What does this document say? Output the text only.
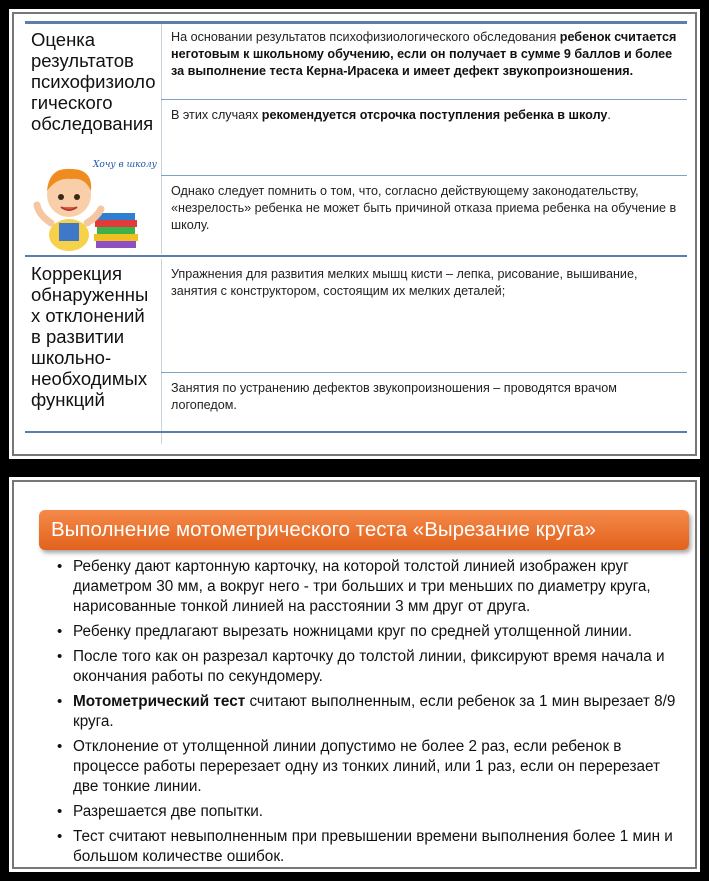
Оценка результатов психофизиоло гического обследования
На основании результатов психофизиологического обследования ребенок считается неготовым к школьному обучению, если он получает в сумме 9 баллов и более за выполнение теста Керна-Ирасека и имеет дефект звукопроизношения.
В этих случаях рекомендуется отсрочка поступления ребенка в школу.
Однако следует помнить о том, что, согласно действующему законодательству, «незрелость» ребенка не может быть причиной отказа приема ребенка на обучение в школу.
Хочу в школу
Коррекция обнаруженны х отклонений в развитии школьно- необходимых функций
Упражнения для развития мелких мышц кисти – лепка, рисование, вышивание, занятия с конструктором, состоящим их мелких деталей;
Занятия по устранению дефектов звукопроизношения – проводятся врачом логопедом.
Выполнение мотометрического теста «Вырезание круга»
• Ребенку дают картонную карточку, на которой толстой линией изображен круг диаметром 30 мм, а вокруг него - три больших и три меньших по диаметру круга, нарисованные тонкой линией на расстоянии 3 мм друг от друга.
• Ребенку предлагают вырезать ножницами круг по средней утолщенной линии.
• После того как он разрезал карточку до толстой линии, фиксируют время начала и окончания работы по секундомеру.
• Мотометрический тест считают выполненным, если ребенок за 1 мин вырезает 8/9 круга.
• Отклонение от утолщенной линии допустимо не более 2 раз, если ребенок в процессе работы перерезает одну из тонких линий, или 1 раз, если он перерезает две тонкие линии.
• Разрешается две попытки.
• Тест считают невыполненным при превышении времени выполнения более 1 мин и большом количестве ошибок.
